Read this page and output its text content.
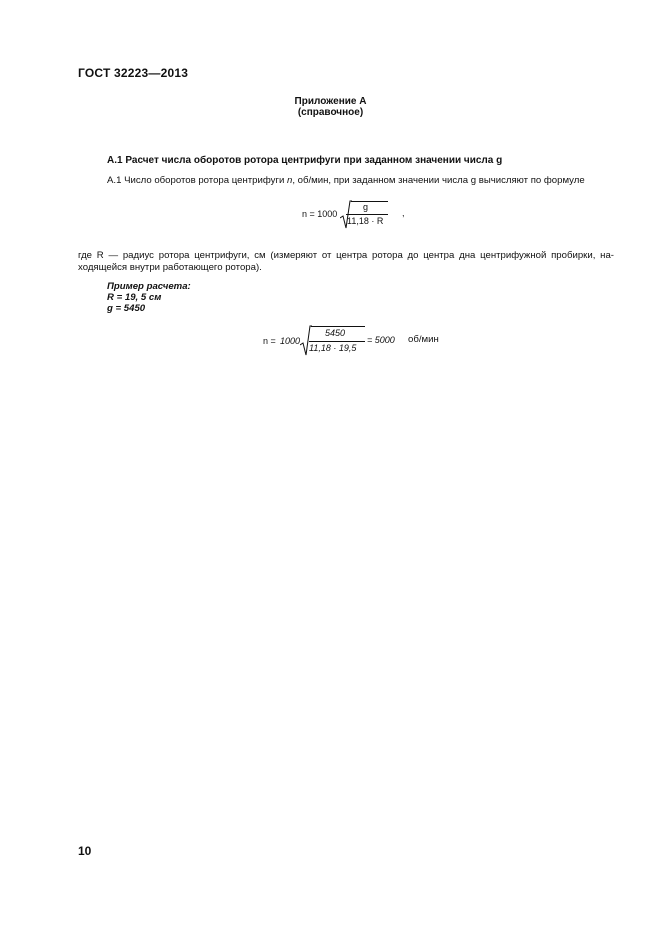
ГОСТ 32223—2013
Приложение А
(справочное)
А.1 Расчет числа оборотов ротора центрифуги при заданном значении числа g
А.1 Число оборотов ротора центрифуги n, об/мин, при заданном значении числа g вычисляют по формуле
n = 1000
g
11,18 · R
,
где R — радиус ротора центрифуги, см (измеряют от центра ротора до центра дна центрифужной пробирки, на-ходящейся внутри работающего ротора).
Пример расчета:
R = 19, 5 см
g = 5450
n = 1000
5450
11,18 · 19,5
= 5000 об/мин
10
